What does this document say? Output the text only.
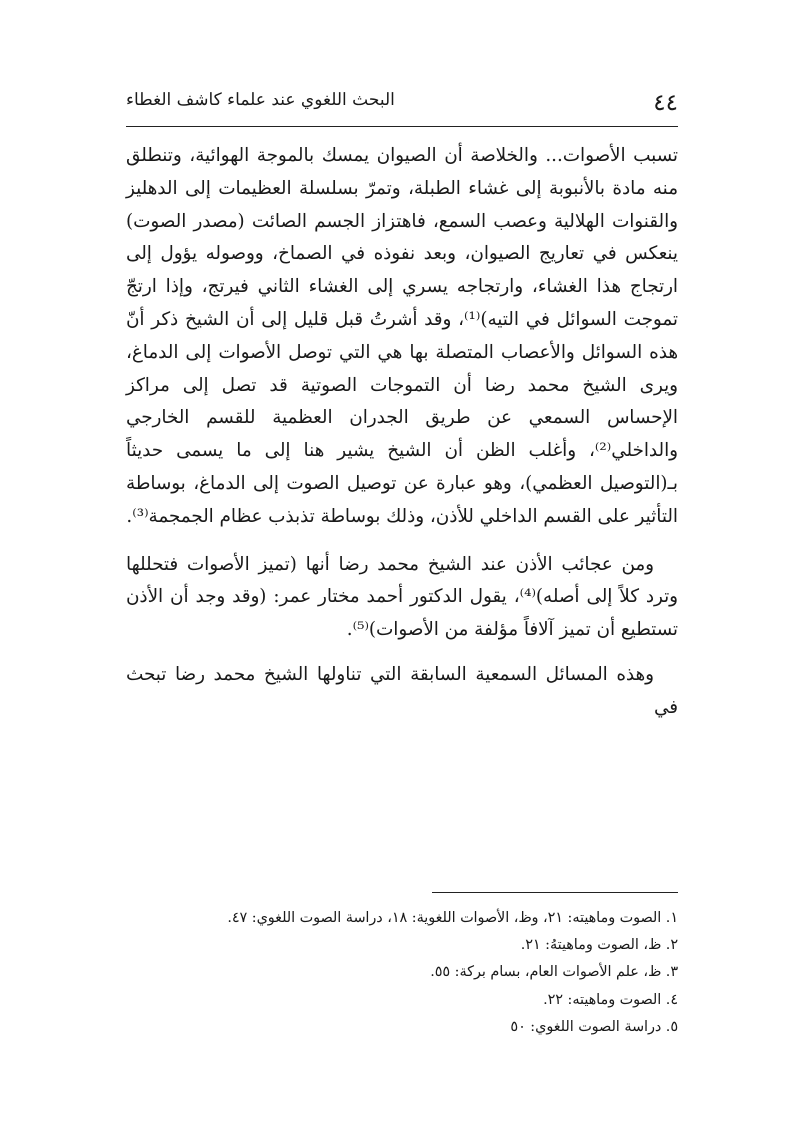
٤٤
البحث اللغوي عند علماء كاشف الغطاء

تسبب الأصوات... والخلاصة أن الصيوان يمسك بالموجة الهوائية، وتنطلق منه مادة بالأنبوبة إلى غشاء الطبلة، وتمرّ بسلسلة العظيمات إلى الدهليز والقنوات الهلالية وعصب السمع، فاهتزاز الجسم الصائت (مصدر الصوت) ينعكس في تعاريج الصيوان، وبعد نفوذه في الصماخ، ووصوله يؤول إلى ارتجاج هذا الغشاء، وارتجاجه يسري إلى الغشاء الثاني فيرتج، وإذا ارتجّ تموجت السوائل في التيه)⁽¹⁾، وقد أشرتُ قبل قليل إلى أن الشيخ ذكر أنّ هذه السوائل والأعصاب المتصلة بها هي التي توصل الأصوات إلى الدماغ، ويرى الشيخ محمد رضا أن التموجات الصوتية قد تصل إلى مراكز الإحساس السمعي عن طريق الجدران العظمية للقسم الخارجي والداخلي⁽²⁾، وأغلب الظن أن الشيخ يشير هنا إلى ما يسمى حديثاً بـ(التوصيل العظمي)، وهو عبارة عن توصيل الصوت إلى الدماغ، بوساطة التأثير على القسم الداخلي للأذن، وذلك بوساطة تذبذب عظام الجمجمة⁽³⁾.

ومن عجائب الأذن عند الشيخ محمد رضا أنها (تميز الأصوات فتحللها وترد كلاً إلى أصله)⁽⁴⁾، يقول الدكتور أحمد مختار عمر: (وقد وجد أن الأذن تستطيع أن تميز آلافاً مؤلفة من الأصوات)⁽⁵⁾.

وهذه المسائل السمعية السابقة التي تناولها الشيخ محمد رضا تبحث في

١. الصوت وماهيته: ٢١، وظ، الأصوات اللغوية: ١٨، دراسة الصوت اللغوي: ٤٧.
٢. ظ، الصوت وماهيتهُ: ٢١.
٣. ظ، علم الأصوات العام، بسام بركة: ٥٥.
٤. الصوت وماهيته: ٢٢.
٥. دراسة الصوت اللغوي: ٥٠
